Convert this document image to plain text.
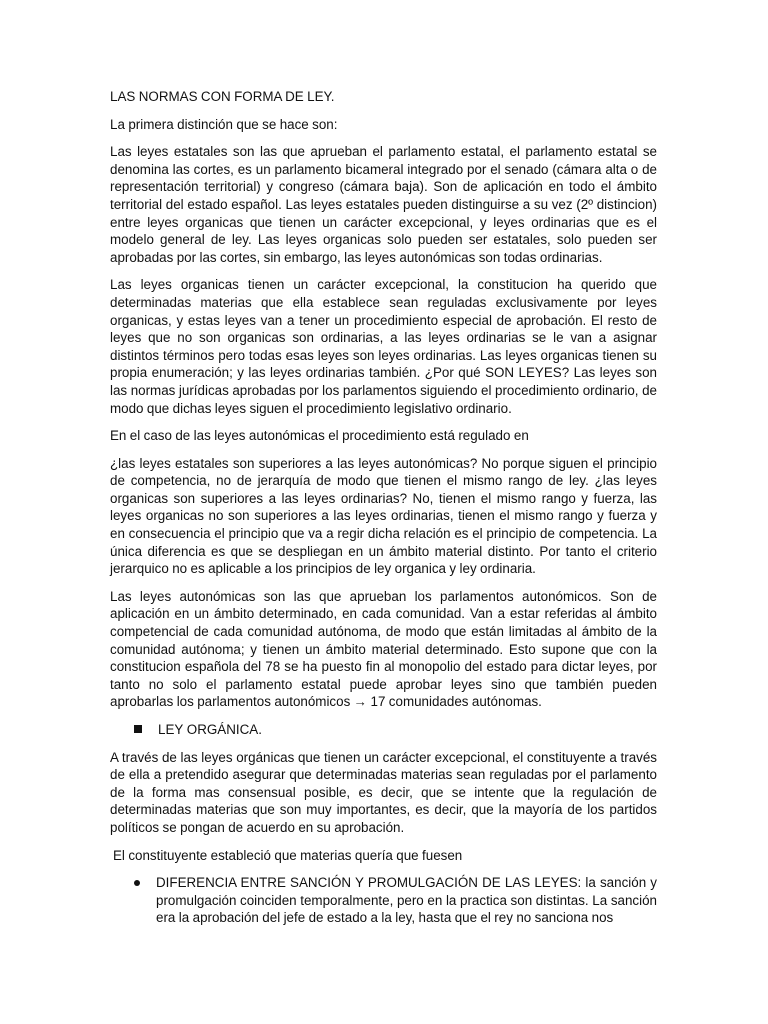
LAS NORMAS CON FORMA DE LEY.

La primera distinción que se hace son:

Las leyes estatales son las que aprueban el parlamento estatal, el parlamento estatal se denomina las cortes, es un parlamento bicameral integrado por el senado (cámara alta o de representación territorial) y congreso (cámara baja). Son de aplicación en todo el ámbito territorial del estado español. Las leyes estatales pueden distinguirse a su vez (2º distincion) entre leyes organicas que tienen un carácter excepcional, y leyes ordinarias que es el modelo general de ley. Las leyes organicas solo pueden ser estatales, solo pueden ser aprobadas por las cortes, sin embargo, las leyes autonómicas son todas ordinarias.

Las leyes organicas tienen un carácter excepcional, la constitucion ha querido que determinadas materias que ella establece sean reguladas exclusivamente por leyes organicas, y estas leyes van a tener un procedimiento especial de aprobación. El resto de leyes que no son organicas son ordinarias, a las leyes ordinarias se le van a asignar distintos términos pero todas esas leyes son leyes ordinarias. Las leyes organicas tienen su propia enumeración; y las leyes ordinarias también. ¿Por qué SON LEYES? Las leyes son las normas jurídicas aprobadas por los parlamentos siguiendo el procedimiento ordinario, de modo que dichas leyes siguen el procedimiento legislativo ordinario.

En el caso de las leyes autonómicas el procedimiento está regulado en

¿las leyes estatales son superiores a las leyes autonómicas? No porque siguen el principio de competencia, no de jerarquía de modo que tienen el mismo rango de ley. ¿las leyes organicas son superiores a las leyes ordinarias? No, tienen el mismo rango y fuerza, las leyes organicas no son superiores a las leyes ordinarias, tienen el mismo rango y fuerza y en consecuencia el principio que va a regir dicha relación es el principio de competencia. La única diferencia es que se despliegan en un ámbito material distinto. Por tanto el criterio jerarquico no es aplicable a los principios de ley organica y ley ordinaria.

Las leyes autonómicas son las que aprueban los parlamentos autonómicos. Son de aplicación en un ámbito determinado, en cada comunidad. Van a estar referidas al ámbito competencial de cada comunidad autónoma, de modo que están limitadas al ámbito de la comunidad autónoma; y tienen un ámbito material determinado. Esto supone que con la constitucion española del 78 se ha puesto fin al monopolio del estado para dictar leyes, por tanto no solo el parlamento estatal puede aprobar leyes sino que también pueden aprobarlas los parlamentos autonómicos → 17 comunidades autónomas.

LEY ORGÁNICA.

A través de las leyes orgánicas que tienen un carácter excepcional, el constituyente a través de ella a pretendido asegurar que determinadas materias sean reguladas por el parlamento de la forma mas consensual posible, es decir, que se intente que la regulación de determinadas materias que son muy importantes, es decir, que la mayoría de los partidos políticos se pongan de acuerdo en su aprobación.

El constituyente estableció que materias quería que fuesen

DIFERENCIA ENTRE SANCIÓN Y PROMULGACIÓN DE LAS LEYES: la sanción y promulgación coinciden temporalmente, pero en la practica son distintas. La sanción era la aprobación del jefe de estado a la ley, hasta que el rey no sanciona nos
